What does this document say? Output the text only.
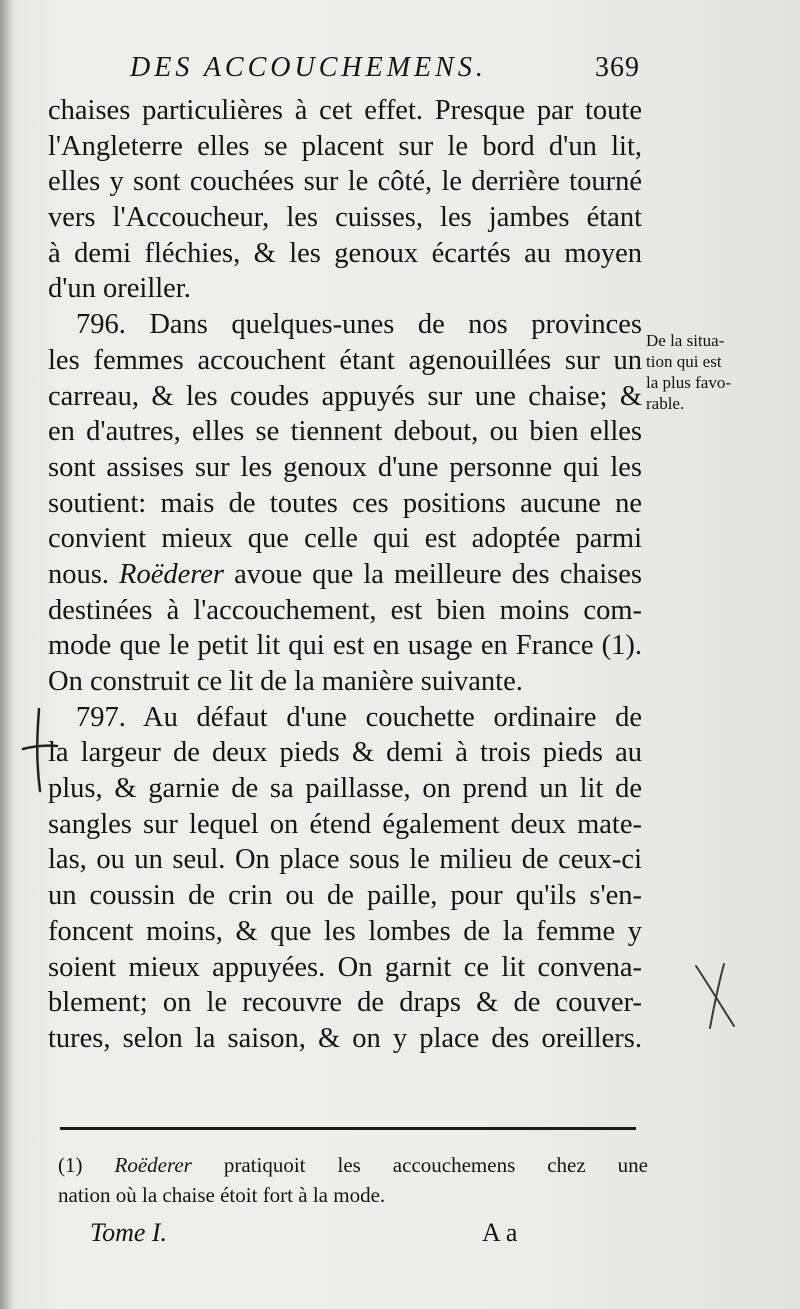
DES ACCOUCHEMENS.	369
chaises particulières à cet effet. Presque par toute
l'Angleterre elles se placent sur le bord d'un lit,
elles y sont couchées sur le côté, le derrière tourné
vers l'Accoucheur, les cuisses, les jambes étant
à demi fléchies, & les genoux écartés au moyen
d'un oreiller.
796. Dans quelques-unes de nos provinces
les femmes accouchent étant agenouillées sur un
carreau, & les coudes appuyés sur une chaise; &
en d'autres, elles se tiennent debout, ou bien elles
sont assises sur les genoux d'une personne qui les
soutient: mais de toutes ces positions aucune ne
convient mieux que celle qui est adoptée parmi
nous. Roëderer avoue que la meilleure des chaises
destinées à l'accouchement, est bien moins com-
mode que le petit lit qui est en usage en France (1).
On construit ce lit de la manière suivante.
797. Au défaut d'une couchette ordinaire de
la largeur de deux pieds & demi à trois pieds au
plus, & garnie de sa paillasse, on prend un lit de
sangles sur lequel on étend également deux mate-
las, ou un seul. On place sous le milieu de ceux-ci
un coussin de crin ou de paille, pour qu'ils s'en-
foncent moins, & que les lombes de la femme y
soient mieux appuyées. On garnit ce lit convena-
blement; on le recouvre de draps & de couver-
tures, selon la saison, & on y place des oreillers.
De la situa-
tion qui est
la plus favo-
rable.
(1) Roëderer pratiquoit les accouchemens chez une
nation où la chaise étoit fort à la mode.
Tome I.	A a
